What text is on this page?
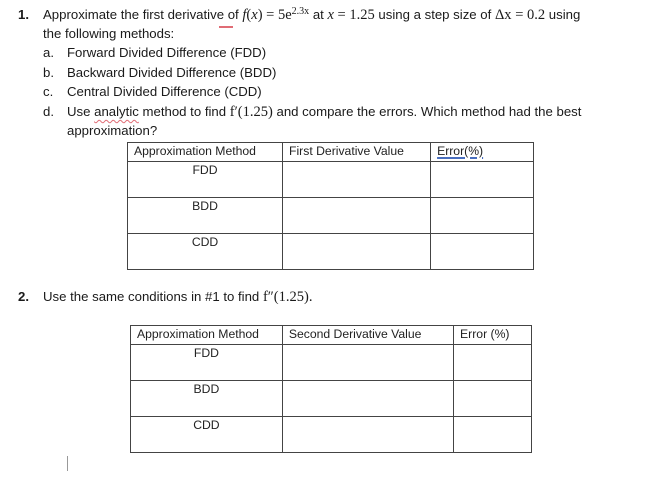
1. Approximate the first derivative of $f(x) = 5e^{2.3x}$ at x = 1.25 using a step size of Δx = 0.2 using
the following methods:
a. Forward Divided Difference (FDD)
b. Backward Divided Difference (BDD)
c. Central Divided Difference (CDD)
d. Use analytic method to find f′(1.25) and compare the errors. Which method had the best
approximation?
Approximation Method	First Derivative Value	Error(%)

FDD		

BDD		

CDD		

2. Use the same conditions in #1 to find f″(1.25).
Approximation Method	Second Derivative Value	Error (%)

FDD		

BDD		

CDD		
